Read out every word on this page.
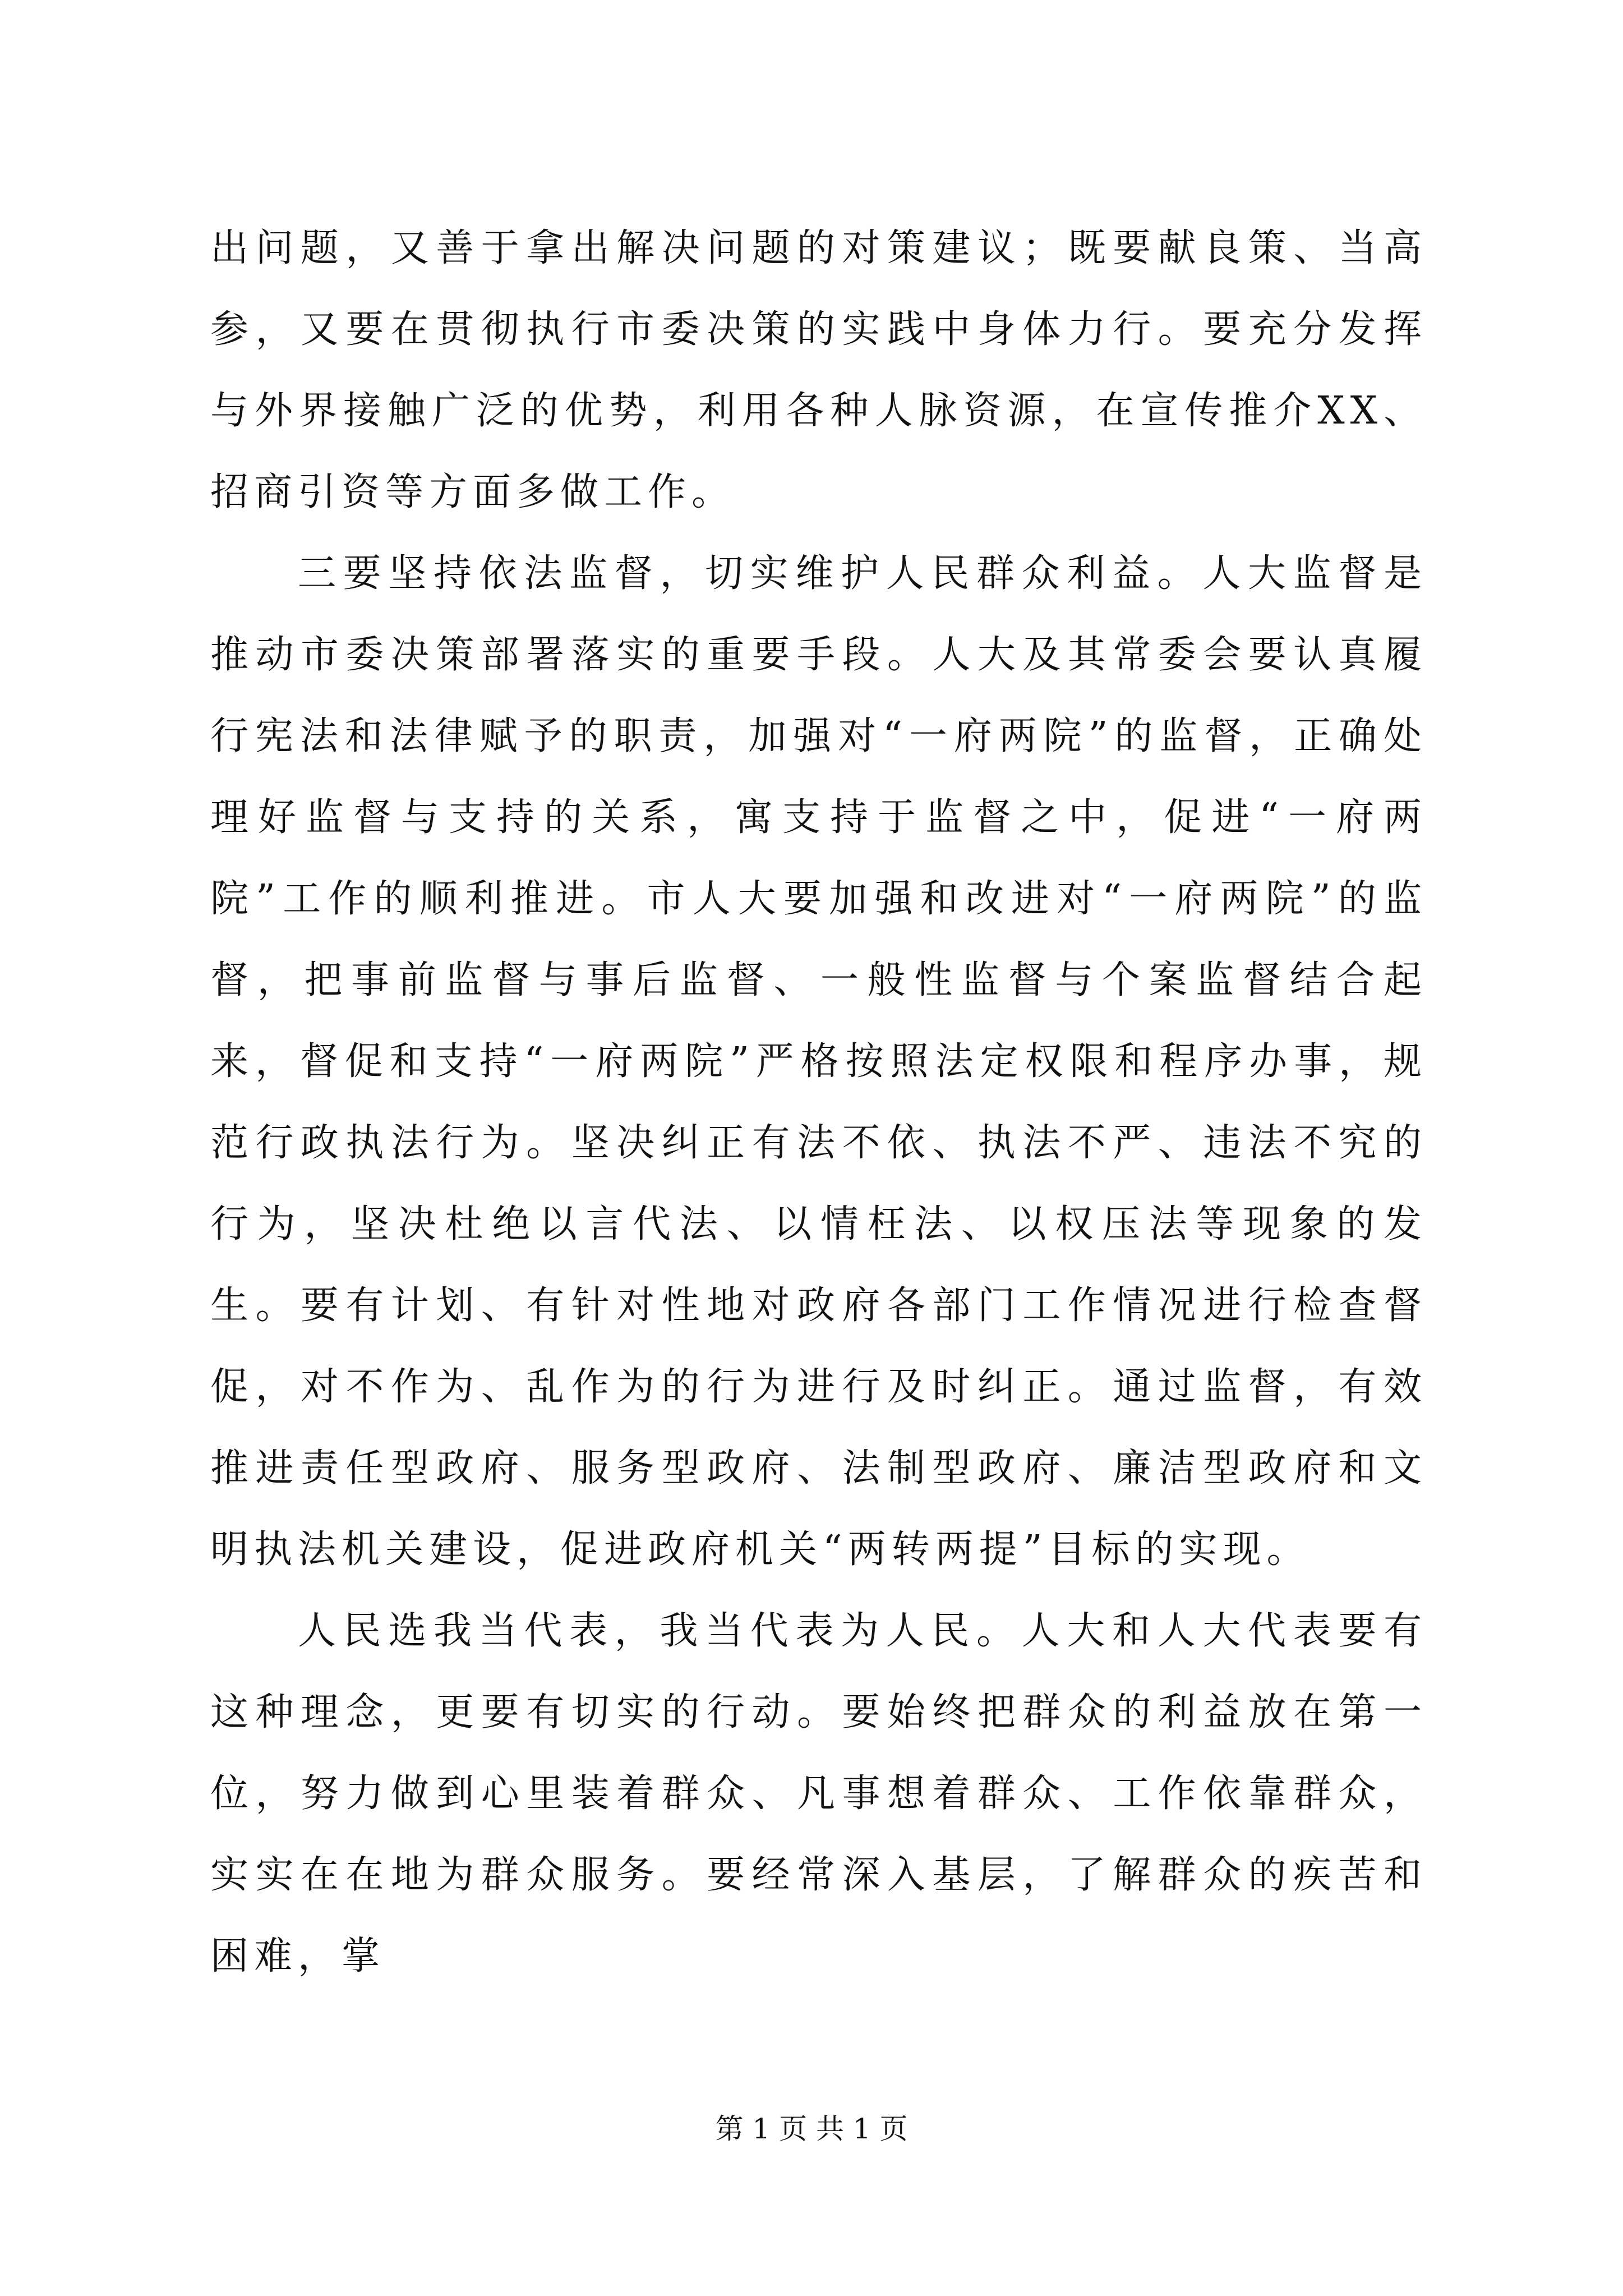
出问题，又善于拿出解决问题的对策建议；既要献良策、当高参，又要在贯彻执行市委决策的实践中身体力行。要充分发挥与外界接触广泛的优势，利用各种人脉资源，在宣传推介XX、招商引资等方面多做工作。

三要坚持依法监督，切实维护人民群众利益。人大监督是推动市委决策部署落实的重要手段。人大及其常委会要认真履行宪法和法律赋予的职责，加强对“一府两院”的监督，正确处理好监督与支持的关系，寓支持于监督之中，促进“一府两院”工作的顺利推进。市人大要加强和改进对“一府两院”的监督，把事前监督与事后监督、一般性监督与个案监督结合起来，督促和支持“一府两院”严格按照法定权限和程序办事，规范行政执法行为。坚决纠正有法不依、执法不严、违法不究的行为，坚决杜绝以言代法、以情枉法、以权压法等现象的发生。要有计划、有针对性地对政府各部门工作情况进行检查督促，对不作为、乱作为的行为进行及时纠正。通过监督，有效推进责任型政府、服务型政府、法制型政府、廉洁型政府和文明执法机关建设，促进政府机关“两转两提”目标的实现。

人民选我当代表，我当代表为人民。人大和人大代表要有这种理念，更要有切实的行动。要始终把群众的利益放在第一位，努力做到心里装着群众、凡事想着群众、工作依靠群众，实实在在地为群众服务。要经常深入基层，了解群众的疾苦和困难，掌

第 1 页 共 1 页
